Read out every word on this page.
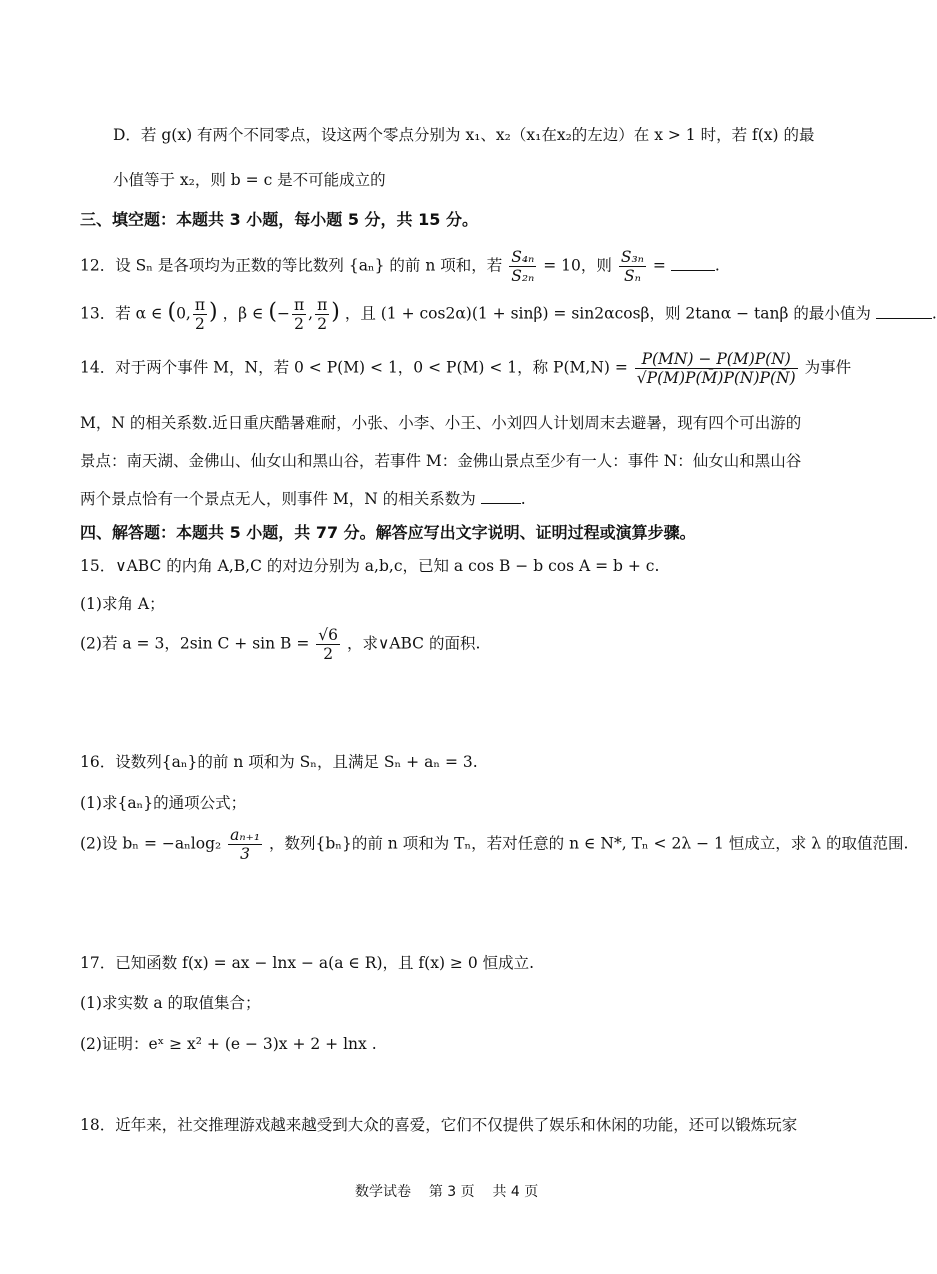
D．若 g(x) 有两个不同零点，设这两个零点分别为 x₁、x₂（x₁在x₂的左边）在 x > 1 时，若 f(x) 的最
小值等于 x₂，则 b = c 是不可能成立的
三、填空题：本题共 3 小题，每小题 5 分，共 15 分。
12．设 Sₙ 是各项均为正数的等比数列 {aₙ} 的前 n 项和，若 $\frac{\text{S₄ₙ}}{\text{S₂ₙ}} = 10$，则 $\frac{\text{S₃ₙ}}{\text{Sₙ}}$ =	.
13．若 α ∈ (0, $\frac{\pi}{2}$ ) ，β ∈ (− $\frac{\pi}{2}$ , $\frac{\pi}{2}$ ) ，且 (1 + cos2α)(1 + sinβ) = sin2αcosβ，则 2tanα − tanβ 的最小值为	.
14．对于两个事件 M，N，若 0 < P(M) < 1，0 < P(M) < 1，称 $P(M,N) = \frac{P(MN) - P(M)P(N)}{√P(M)P(M̄)P(N)P(N̄)}$ 为事件
M，N 的相关系数.近日重庆酷暑难耐，小张、小李、小王、小刘四人计划周末去避暑，现有四个可出游的
景点：南天湖、金佛山、仙女山和黑山谷，若事件 M：金佛山景点至少有一人：事件 N：仙女山和黑山谷
两个景点恰有一个景点无人，则事件 M，N 的相关系数为	.
四、解答题：本题共 5 小题，共 77 分。解答应写出文字说明、证明过程或演算步骤。
15．∨ABC 的内角 A,B,C 的对边分别为 a,b,c，已知 a cos B − b cos A = b + c.
(1)求角 A；
(2)若 a = 3，2sin $C + \sin B = \frac{√6}{2}$ ，求∨ABC 的面积.
16．设数列{aₙ}的前 n 项和为 Sₙ，且满足 Sₙ + aₙ = 3.
(1)求{aₙ}的通项公式；
(2)设 $b_n = -a_n\log_2 \frac{\text{aₙ₊₁}}{3}$ ，数列{bₙ}的前 n 项和为 Tₙ，若对任意的 n ∈ N*, Tₙ < 2λ − 1 恒成立，求 λ 的取值范围.
17．已知函数 f(x) = ax − lnx − a(a ∈ R)，且 f(x) ≥ 0 恒成立.
(1)求实数 a 的取值集合；
(2)证明：eˣ ≥ x² + (e − 3)x + 2 + lnx .
18．近年来，社交推理游戏越来越受到大众的喜爱，它们不仅提供了娱乐和休闲的功能，还可以锻炼玩家
数学试卷 第 3 页 共 4 页
